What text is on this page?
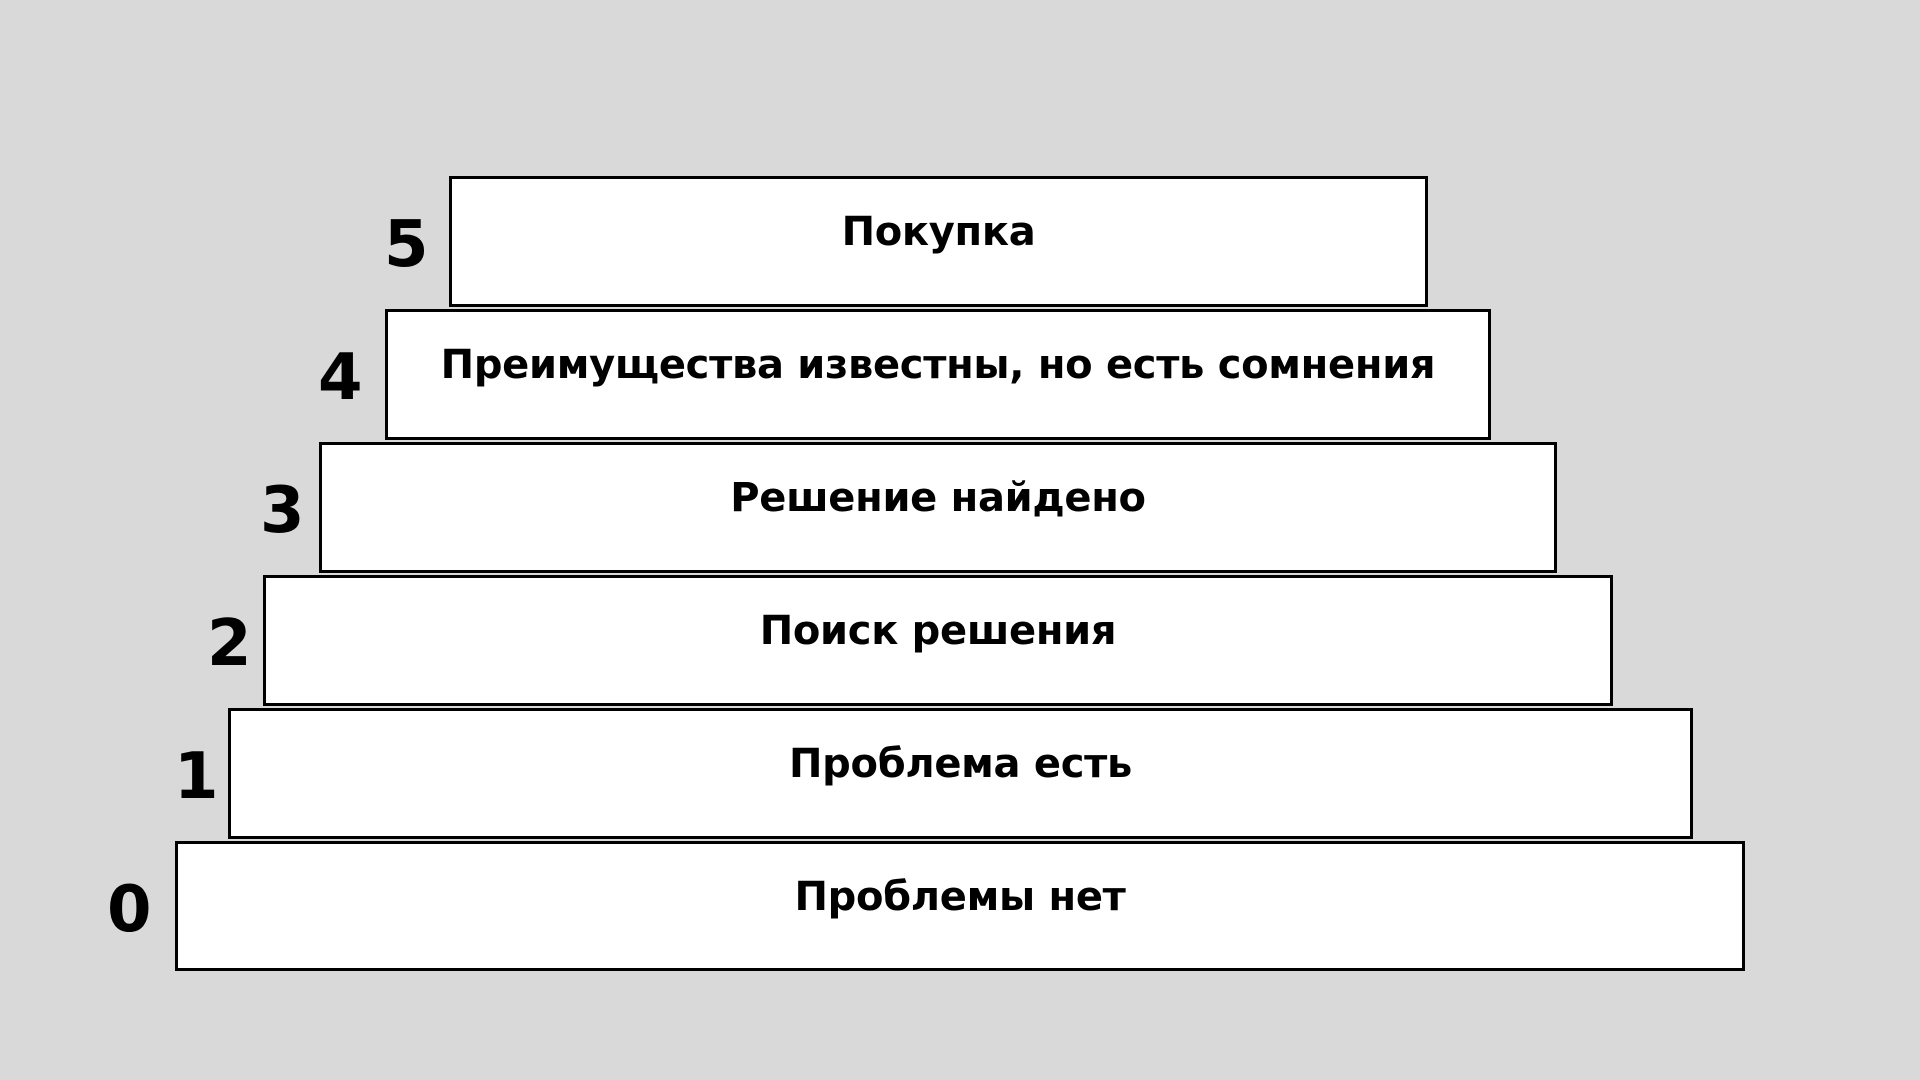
Покупка
5
Преимущества известны, но есть сомнения
4
Решение найдено
3
Поиск решения
2
Проблема есть
1
Проблемы нет
0
